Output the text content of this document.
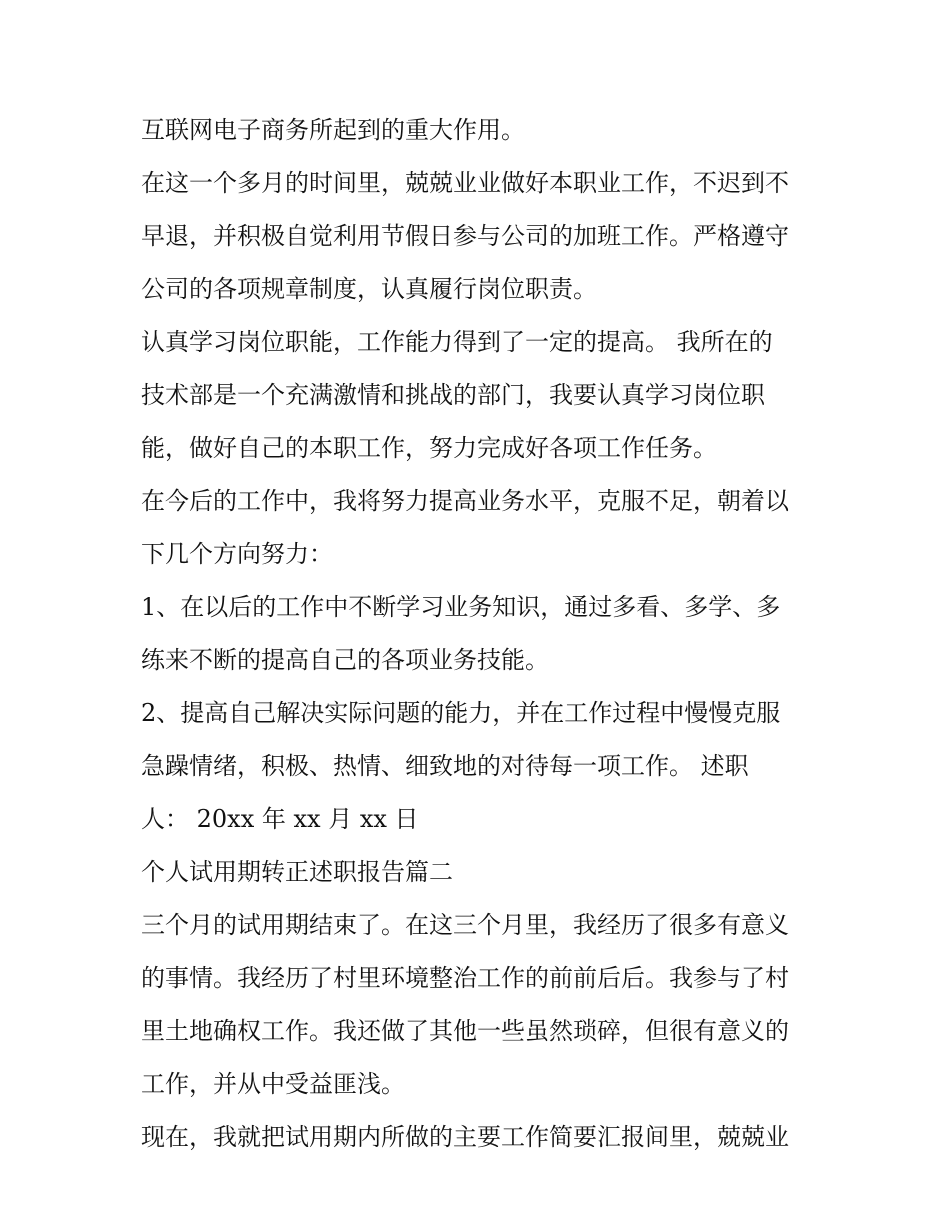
互联网电子商务所起到的重大作用。
在这一个多月的时间里，兢兢业业做好本职业工作，不迟到不
早退，并积极自觉利用节假日参与公司的加班工作。严格遵守
公司的各项规章制度，认真履行岗位职责。
认真学习岗位职能，工作能力得到了一定的提高。 我所在的
技术部是一个充满激情和挑战的部门，我要认真学习岗位职
能，做好自己的本职工作，努力完成好各项工作任务。
在今后的工作中，我将努力提高业务水平，克服不足，朝着以
下几个方向努力：
1、在以后的工作中不断学习业务知识，通过多看、多学、多
练来不断的提高自己的各项业务技能。
2、提高自己解决实际问题的能力，并在工作过程中慢慢克服
急躁情绪，积极、热情、细致地的对待每一项工作。 述职
人： 20xx 年 xx 月 xx 日
个人试用期转正述职报告篇二
三个月的试用期结束了。在这三个月里，我经历了很多有意义
的事情。我经历了村里环境整治工作的前前后后。我参与了村
里土地确权工作。我还做了其他一些虽然琐碎，但很有意义的
工作，并从中受益匪浅。
现在，我就把试用期内所做的主要工作简要汇报间里，兢兢业
